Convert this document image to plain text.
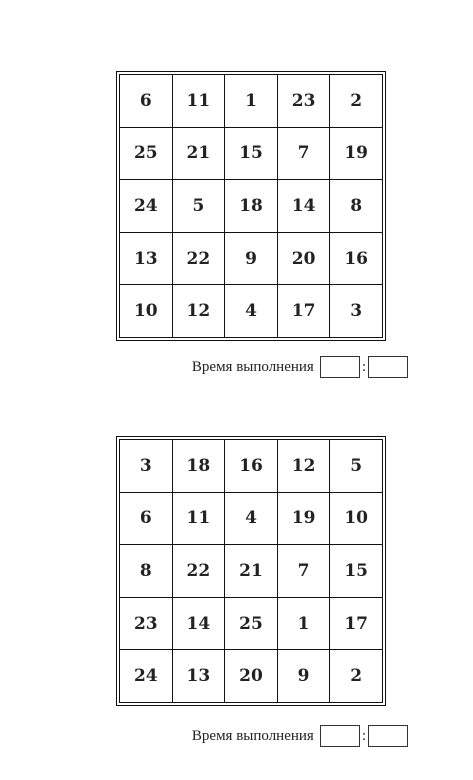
6	11	1	23	2
25	21	15	7	19
24	5	18	14	8
13	22	9	20	16
10	12	4	17	3
Время выполнения	:
3	18	16	12	5
6	11	4	19	10
8	22	21	7	15
23	14	25	1	17
24	13	20	9	2
Время выполнения	:
